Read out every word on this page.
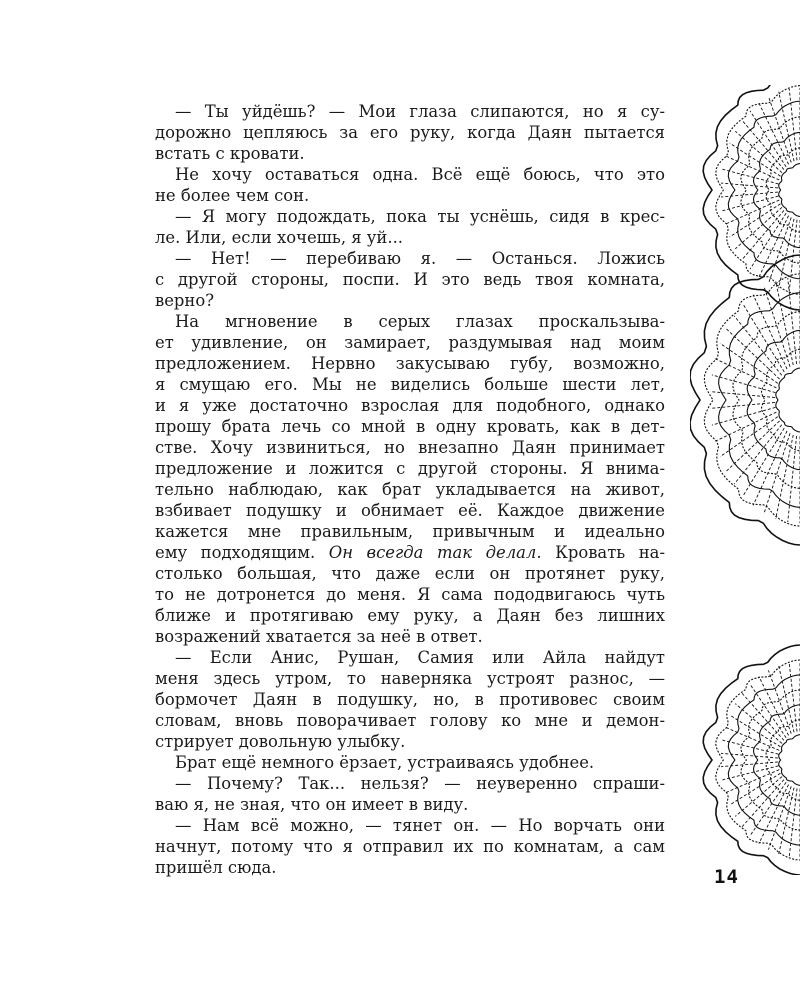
— Ты уйдёшь? — Мои глаза слипаются, но я су-
дорожно цепляюсь за его руку, когда Даян пытается
встать с кровати.
Не хочу оставаться одна. Всё ещё боюсь, что это
не более чем сон.
— Я могу подождать, пока ты уснёшь, сидя в крес-
ле. Или, если хочешь, я уй...
— Нет! — перебиваю я. — Останься. Ложись
с другой стороны, поспи. И это ведь твоя комната,
верно?
На мгновение в серых глазах проскальзыва-
ет удивление, он замирает, раздумывая над моим
предложением. Нервно закусываю губу, возможно,
я смущаю его. Мы не виделись больше шести лет,
и я уже достаточно взрослая для подобного, однако
прошу брата лечь со мной в одну кровать, как в дет-
стве. Хочу извиниться, но внезапно Даян принимает
предложение и ложится с другой стороны. Я внима-
тельно наблюдаю, как брат укладывается на живот,
взбивает подушку и обнимает её. Каждое движение
кажется мне правильным, привычным и идеально
ему подходящим. Он всегда так делал. Кровать на-
столько большая, что даже если он протянет руку,
то не дотронется до меня. Я сама пододвигаюсь чуть
ближе и протягиваю ему руку, а Даян без лишних
возражений хватается за неё в ответ.
— Если Анис, Рушан, Самия или Айла найдут
меня здесь утром, то наверняка устроят разнос, —
бормочет Даян в подушку, но, в противовес своим
словам, вновь поворачивает голову ко мне и демон-
стрирует довольную улыбку.
Брат ещё немного ёрзает, устраиваясь удобнее.
— Почему? Так... нельзя? — неуверенно спраши-
ваю я, не зная, что он имеет в виду.
— Нам всё можно, — тянет он. — Но ворчать они
начнут, потому что я отправил их по комнатам, а сам
пришёл сюда.	14
